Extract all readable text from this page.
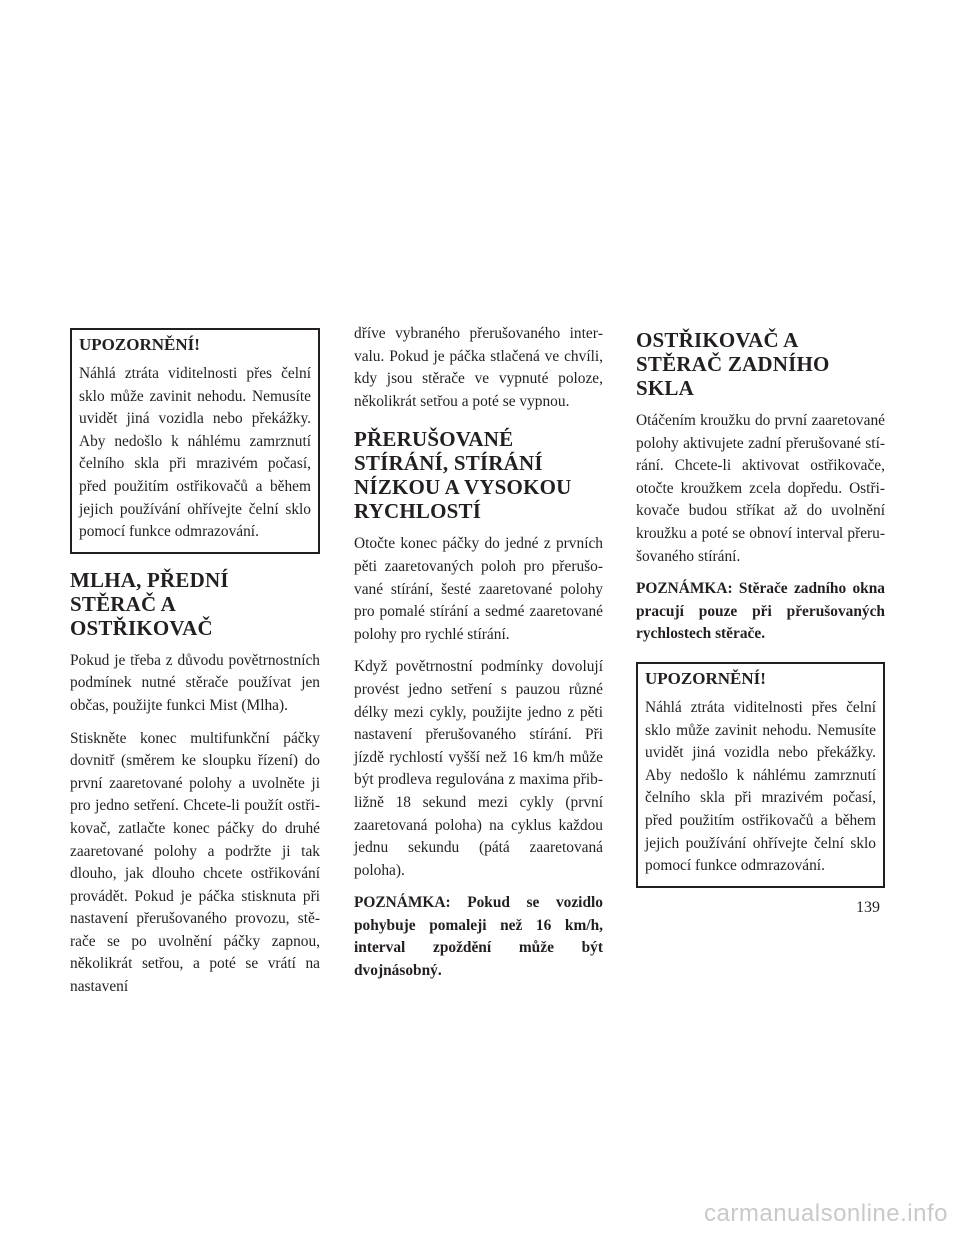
UPOZORNĚNÍ!

Náhlá ztráta viditelnosti přes čelní sklo může zavinit nehodu. Nemusíte uvidět jiná vozidla nebo překážky. Aby nedošlo k náhlému zamrznutí čelního skla při mrazivém počasí, před použitím ostřikovačů a během jejich používání ohřívejte čelní sklo pomocí funkce odmrazování.

MLHA, PŘEDNÍ STĚRAČ A OSTŘIKOVAČ

Pokud je třeba z důvodu povětrnostních podmínek nutné stěrače používat jen občas, použijte funkci Mist (Mlha).

Stiskněte konec multifunkční páčky dovnitř (směrem ke sloupku řízení) do první zaaretované polohy a uvolněte ji pro jedno setření. Chcete-li použít ostřikovač, zatlačte konec páčky do druhé zaaretované polohy a podržte ji tak dlouho, jak dlouho chcete ostřikování provádět. Pokud je páčka stisknuta při nastavení přerušovaného provozu, stěrače se po uvolnění páčky zapnou, několikrát setřou, a poté se vrátí na nastavení

dříve vybraného přerušovaného intervalu. Pokud je páčka stlačená ve chvíli, kdy jsou stěrače ve vypnuté poloze, několikrát setřou a poté se vypnou.

PŘERUŠOVANÉ STÍRÁNÍ, STÍRÁNÍ NÍZKOU A VYSOKOU RYCHLOSTÍ

Otočte konec páčky do jedné z prvních pěti zaaretovaných poloh pro přerušované stírání, šesté zaaretované polohy pro pomalé stírání a sedmé zaaretované polohy pro rychlé stírání.

Když povětrnostní podmínky dovolují provést jedno setření s pauzou různé délky mezi cykly, použijte jedno z pěti nastavení přerušovaného stírání. Při jízdě rychlostí vyšší než 16 km/h může být prodleva regulována z maxima přibližně 18 sekund mezi cykly (první zaaretovaná poloha) na cyklus každou jednu sekundu (pátá zaaretovaná poloha).

POZNÁMKA: Pokud se vozidlo pohybuje pomaleji než 16 km/h, interval zpoždění může být dvojnásobný.

OSTŘIKOVAČ A STĚRAČ ZADNÍHO SKLA

Otáčením kroužku do první zaaretované polohy aktivujete zadní přerušované stírání. Chcete-li aktivovat ostřikovače, otočte kroužkem zcela dopředu. Ostřikovače budou stříkat až do uvolnění kroužku a poté se obnoví interval přerušovaného stírání.

POZNÁMKA: Stěrače zadního okna pracují pouze při přerušovaných rychlostech stěrače.

UPOZORNĚNÍ!

Náhlá ztráta viditelnosti přes čelní sklo může zavinit nehodu. Nemusíte uvidět jiná vozidla nebo překážky. Aby nedošlo k náhlému zamrznutí čelního skla při mrazivém počasí, před použitím ostřikovačů a během jejich používání ohřívejte čelní sklo pomocí funkce odmrazování.

139
carmanualsonline.info
